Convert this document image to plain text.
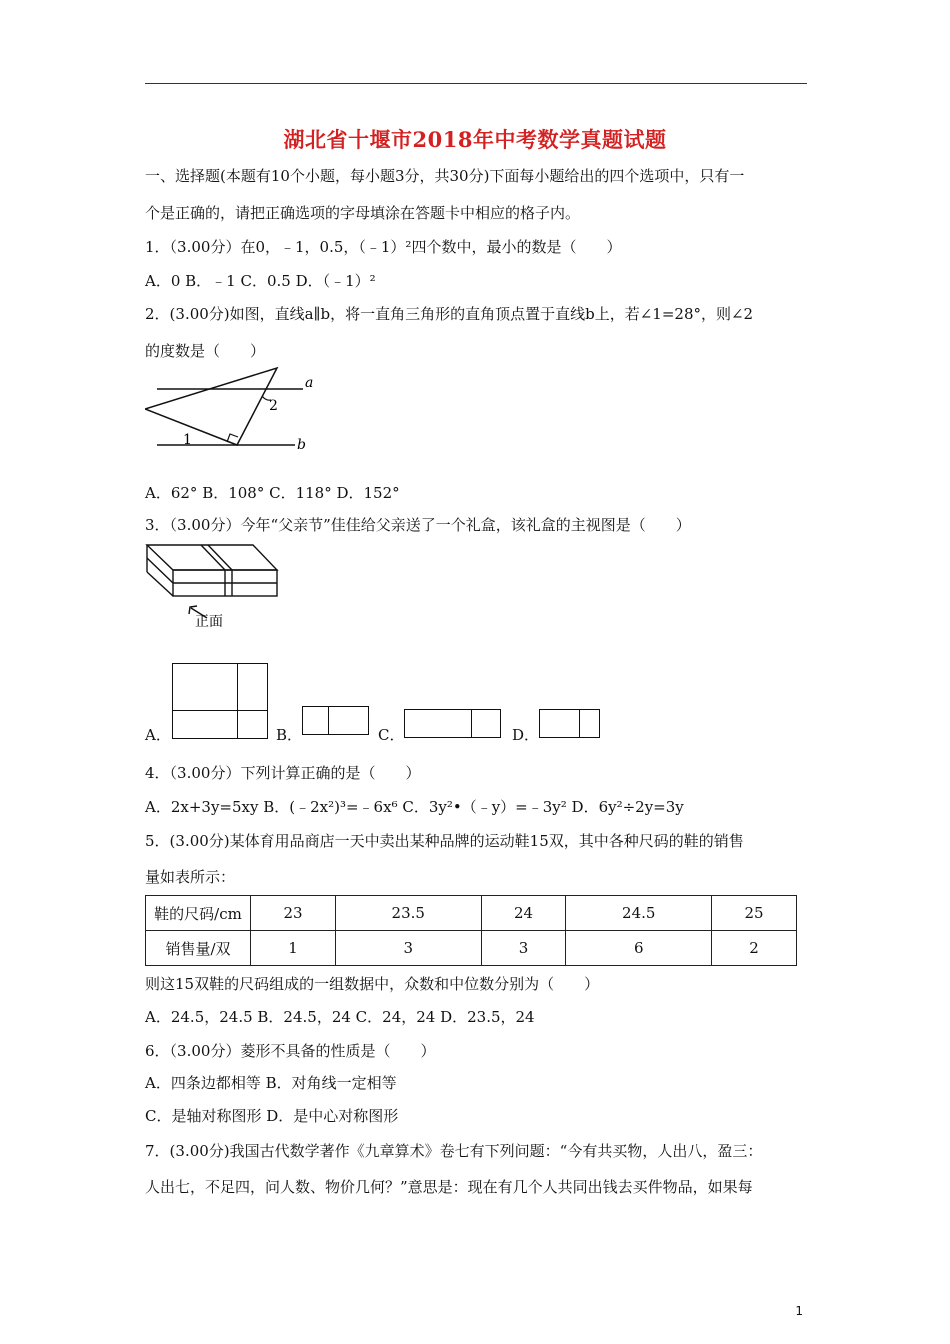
湖北省十堰市2018年中考数学真题试题
一、选择题(本题有10个小题，每小题3分，共30分)下面每小题给出的四个选项中，只有一
个是正确的，请把正确选项的字母填涂在答题卡中相应的格子内。
1．（3.00分）在0，﹣1，0.5，（﹣1）²四个数中，最小的数是（　　）
A．0 B．﹣1 C．0.5 D．（﹣1）²
2．(3.00分)如图，直线a∥b，将一直角三角形的直角顶点置于直线b上，若∠1=28°，则∠2
的度数是（　　）
a
b
1
2
A．62° B．108° C．118° D．152°
3．（3.00分）今年“父亲节”佳佳给父亲送了一个礼盒，该礼盒的主视图是（　　）
正面
A．	B．	C．	D．
4．（3.00分）下列计算正确的是（　　）
A．2x+3y=5xy B．(﹣2x²)³=﹣6x⁶ C．3y²•（﹣y）=﹣3y² D．6y²÷2y=3y
5．(3.00分)某体育用品商店一天中卖出某种品牌的运动鞋15双，其中各种尺码的鞋的销售
量如表所示：
鞋的尺码/cm	23	23.5	24	24.5	25
销售量/双	1	3	3	6	2
则这15双鞋的尺码组成的一组数据中，众数和中位数分别为（　　）
A．24.5，24.5 B．24.5，24 C．24，24 D．23.5，24
6．（3.00分）菱形不具备的性质是（　　）
A．四条边都相等 B．对角线一定相等
C．是轴对称图形 D．是中心对称图形
7．(3.00分)我国古代数学著作《九章算术》卷七有下列问题：“今有共买物，人出八，盈三：
人出七，不足四，问人数、物价几何？”意思是：现在有几个人共同出钱去买件物品，如果每
1
